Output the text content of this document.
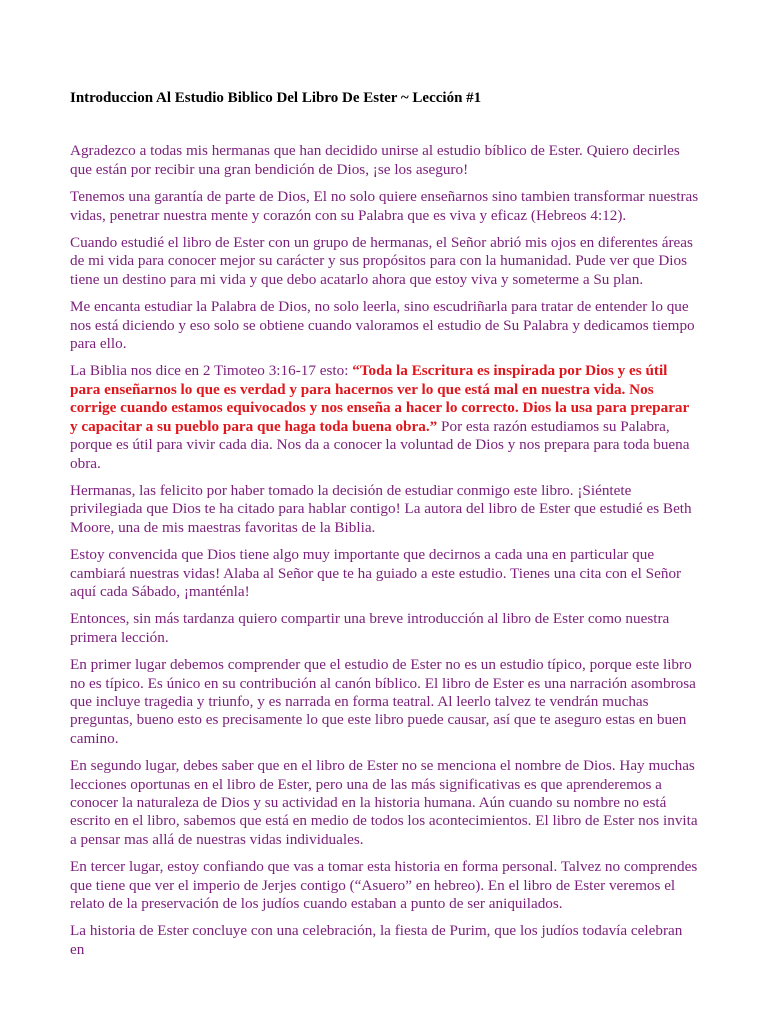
Introduccion Al Estudio Biblico Del Libro De Ester ~ Lección #1

Agradezco a todas mis hermanas que han decidido unirse al estudio bíblico de Ester. Quiero decirles que están por recibir una gran bendición de Dios, ¡se los aseguro!

Tenemos una garantía de parte de Dios, El no solo quiere enseñarnos sino tambien transformar nuestras vidas, penetrar nuestra mente y corazón con su Palabra que es viva y eficaz (Hebreos 4:12).

Cuando estudié el libro de Ester con un grupo de hermanas, el Señor abrió mis ojos en diferentes áreas de mi vida para conocer mejor su carácter y sus propósitos para con la humanidad. Pude ver que Dios tiene un destino para mi vida y que debo acatarlo ahora que estoy viva y someterme a Su plan.

Me encanta estudiar la Palabra de Dios, no solo leerla, sino escudriñarla para tratar de entender lo que nos está diciendo y eso solo se obtiene cuando valoramos el estudio de Su Palabra y dedicamos tiempo para ello.

La Biblia nos dice en 2 Timoteo 3:16-17 esto: “Toda la Escritura es inspirada por Dios y es útil para enseñarnos lo que es verdad y para hacernos ver lo que está mal en nuestra vida. Nos corrige cuando estamos equivocados y nos enseña a hacer lo correcto. Dios la usa para preparar y capacitar a su pueblo para que haga toda buena obra.” Por esta razón estudiamos su Palabra, porque es útil para vivir cada dia. Nos da a conocer la voluntad de Dios y nos prepara para toda buena obra.

Hermanas, las felicito por haber tomado la decisión de estudiar conmigo este libro. ¡Siéntete privilegiada que Dios te ha citado para hablar contigo! La autora del libro de Ester que estudié es Beth Moore, una de mis maestras favoritas de la Biblia.

Estoy convencida que Dios tiene algo muy importante que decirnos a cada una en particular que cambiará nuestras vidas! Alaba al Señor que te ha guiado a este estudio. Tienes una cita con el Señor aquí cada Sábado, ¡manténla!

Entonces, sin más tardanza quiero compartir una breve introducción al libro de Ester como nuestra primera lección.

En primer lugar debemos comprender que el estudio de Ester no es un estudio típico, porque este libro no es típico. Es único en su contribución al canón bíblico. El libro de Ester es una narración asombrosa que incluye tragedia y triunfo, y es narrada en forma teatral. Al leerlo talvez te vendrán muchas preguntas, bueno esto es precisamente lo que este libro puede causar, así que te aseguro estas en buen camino.

En segundo lugar, debes saber que en el libro de Ester no se menciona el nombre de Dios. Hay muchas lecciones oportunas en el libro de Ester, pero una de las más significativas es que aprenderemos a conocer la naturaleza de Dios y su actividad en la historia humana. Aún cuando su nombre no está escrito en el libro, sabemos que está en medio de todos los acontecimientos. El libro de Ester nos invita a pensar mas allá de nuestras vidas individuales.

En tercer lugar, estoy confiando que vas a tomar esta historia en forma personal. Talvez no comprendes que tiene que ver el imperio de Jerjes contigo (“Asuero” en hebreo). En el libro de Ester veremos el relato de la preservación de los judíos cuando estaban a punto de ser aniquilados.

La historia de Ester concluye con una celebración, la fiesta de Purim, que los judíos todavía celebran en
